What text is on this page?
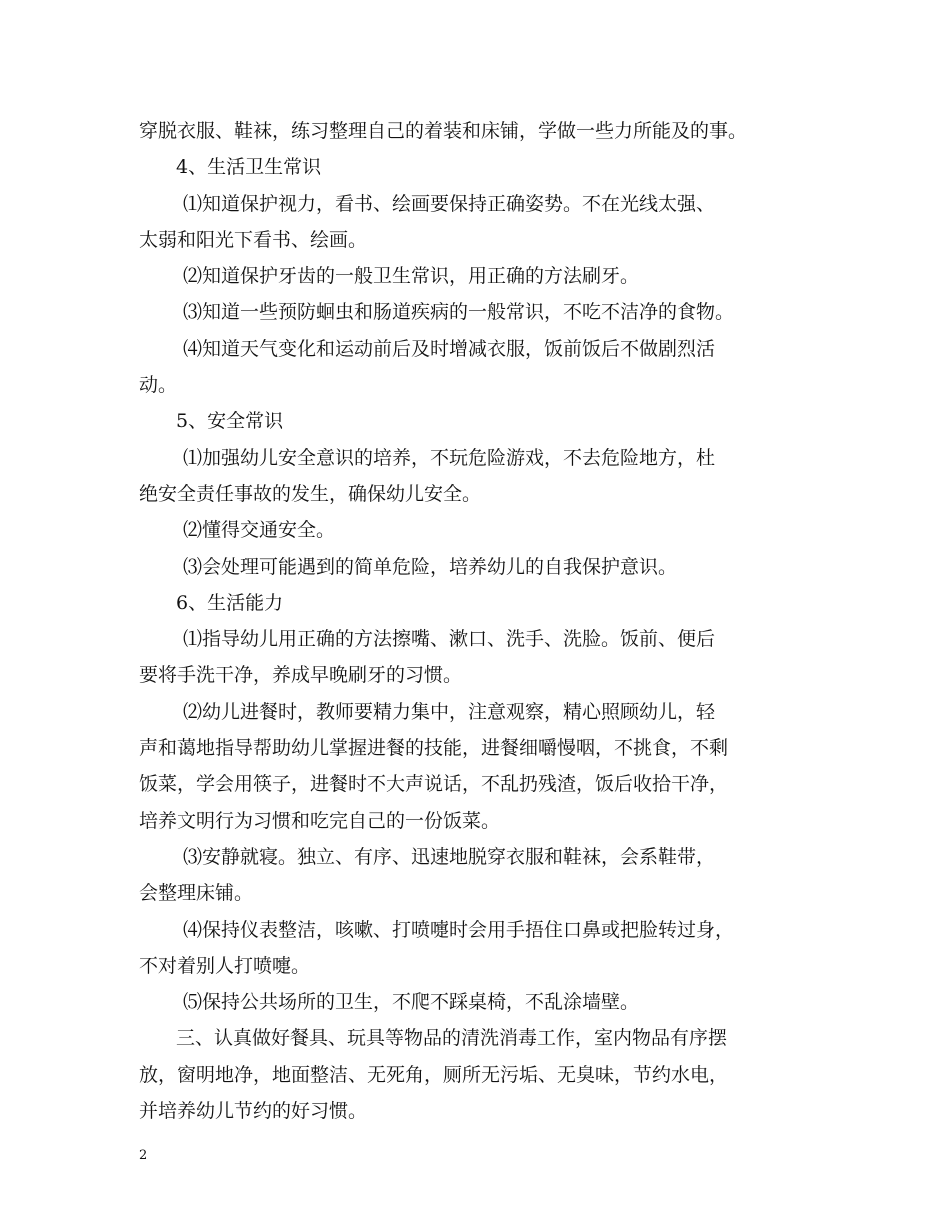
穿脱衣服、鞋袜，练习整理自己的着装和床铺，学做一些力所能及的事。
4、生活卫生常识
⑴知道保护视力，看书、绘画要保持正确姿势。不在光线太强、
太弱和阳光下看书、绘画。
⑵知道保护牙齿的一般卫生常识，用正确的方法刷牙。
⑶知道一些预防蛔虫和肠道疾病的一般常识，不吃不洁净的食物。
⑷知道天气变化和运动前后及时增减衣服，饭前饭后不做剧烈活
动。
5、安全常识
⑴加强幼儿安全意识的培养，不玩危险游戏，不去危险地方，杜
绝安全责任事故的发生，确保幼儿安全。
⑵懂得交通安全。
⑶会处理可能遇到的简单危险，培养幼儿的自我保护意识。
6、生活能力
⑴指导幼儿用正确的方法擦嘴、漱口、洗手、洗脸。饭前、便后
要将手洗干净，养成早晚刷牙的习惯。
⑵幼儿进餐时，教师要精力集中，注意观察，精心照顾幼儿，轻
声和蔼地指导帮助幼儿掌握进餐的技能，进餐细嚼慢咽，不挑食，不剩
饭菜，学会用筷子，进餐时不大声说话，不乱扔残渣，饭后收拾干净，
培养文明行为习惯和吃完自己的一份饭菜。
⑶安静就寝。独立、有序、迅速地脱穿衣服和鞋袜，会系鞋带，
会整理床铺。
⑷保持仪表整洁，咳嗽、打喷嚏时会用手捂住口鼻或把脸转过身，
不对着别人打喷嚏。
⑸保持公共场所的卫生，不爬不踩桌椅，不乱涂墙壁。
三、认真做好餐具、玩具等物品的清洗消毒工作，室内物品有序摆
放，窗明地净，地面整洁、无死角，厕所无污垢、无臭味，节约水电，
并培养幼儿节约的好习惯。
2
